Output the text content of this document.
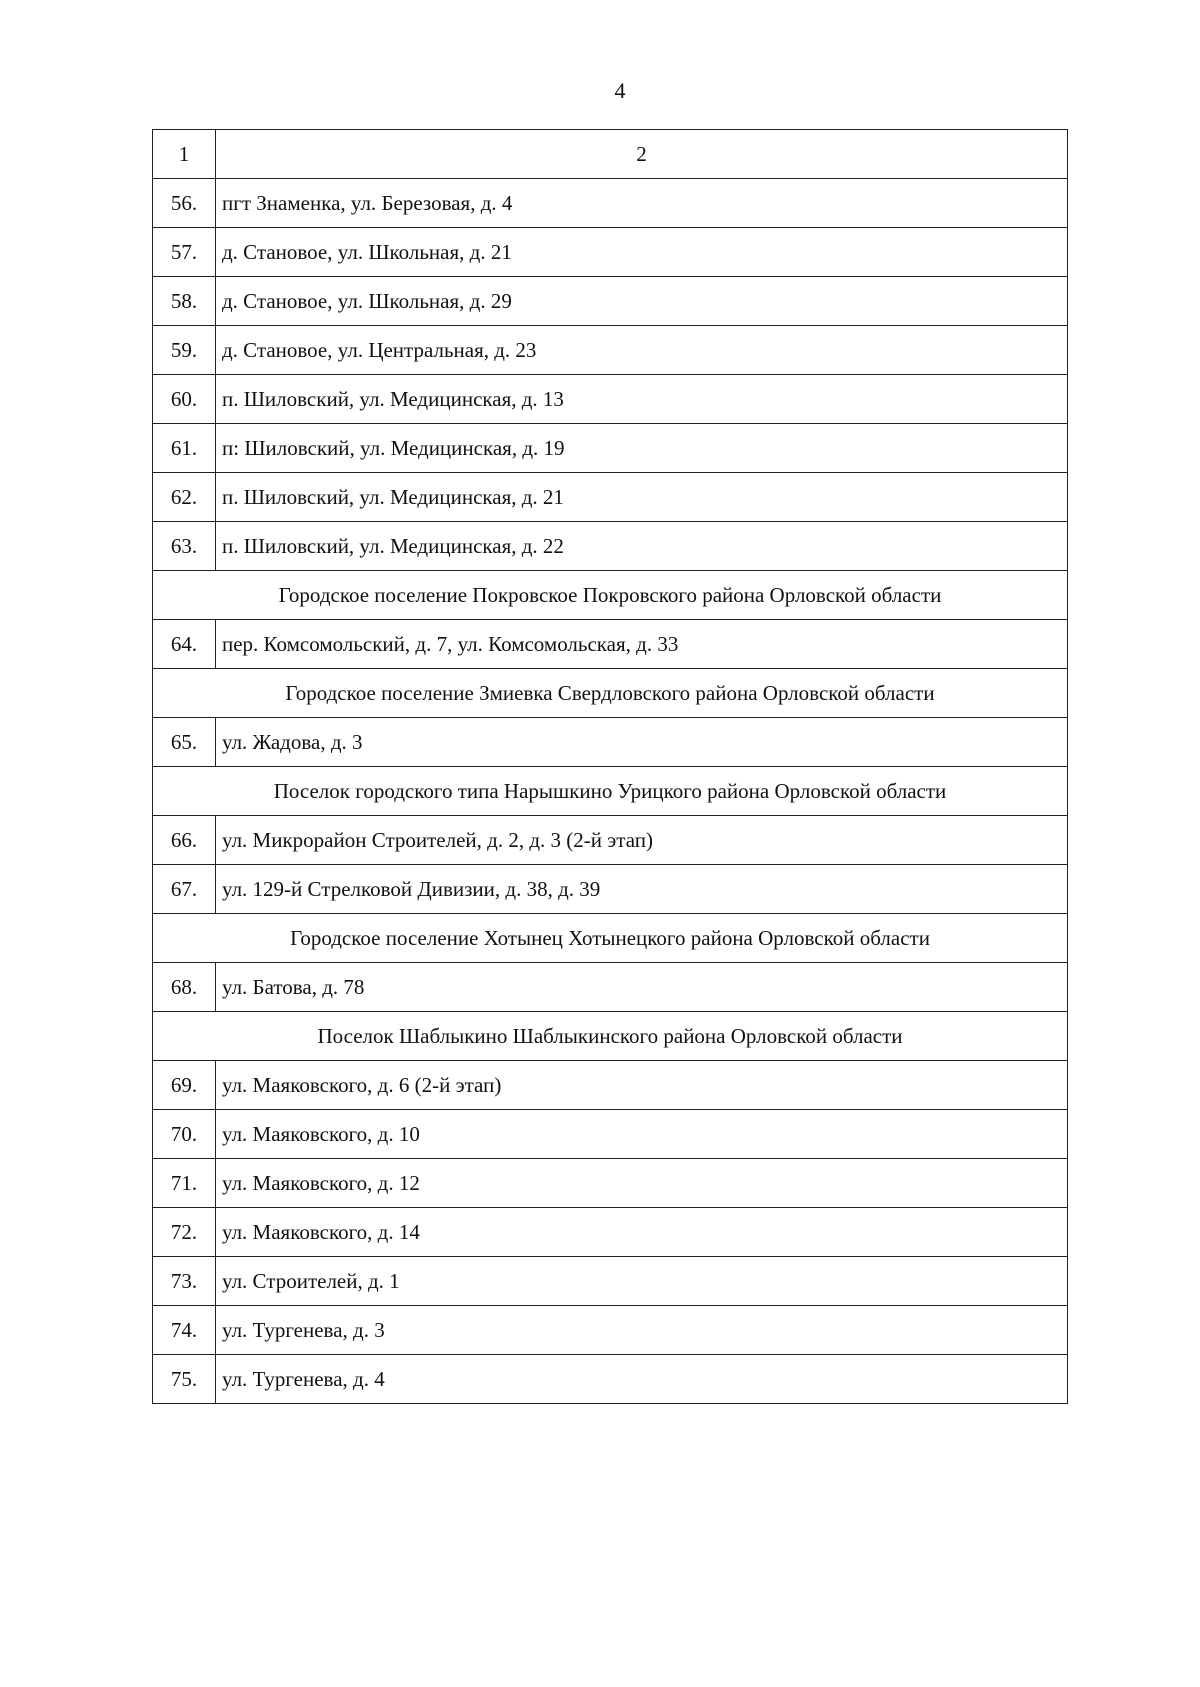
4
1	2
56.	пгт Знаменка, ул. Березовая, д. 4
57.	д. Становое, ул. Школьная, д. 21
58.	д. Становое, ул. Школьная, д. 29
59.	д. Становое, ул. Центральная, д. 23
60.	п. Шиловский, ул. Медицинская, д. 13
61.	п: Шиловский, ул. Медицинская, д. 19
62.	п. Шиловский, ул. Медицинская, д. 21
63.	п. Шиловский, ул. Медицинская, д. 22
Городское поселение Покровское Покровского района Орловской области	
64.	пер. Комсомольский, д. 7, ул. Комсомольская, д. 33
Городское поселение Змиевка Свердловского района Орловской области	
65.	ул. Жадова, д. 3
Поселок городского типа Нарышкино Урицкого района Орловской области	
66.	ул. Микрорайон Строителей, д. 2, д. 3 (2-й этап)
67.	ул. 129-й Стрелковой Дивизии, д. 38, д. 39
Городское поселение Хотынец Хотынецкого района Орловской области	
68.	ул. Батова, д. 78
Поселок Шаблыкино Шаблыкинского района Орловской области	
69.	ул. Маяковского, д. 6 (2-й этап)
70.	ул. Маяковского, д. 10
71.	ул. Маяковского, д. 12
72.	ул. Маяковского, д. 14
73.	ул. Строителей, д. 1
74.	ул. Тургенева, д. 3
75.	ул. Тургенева, д. 4
